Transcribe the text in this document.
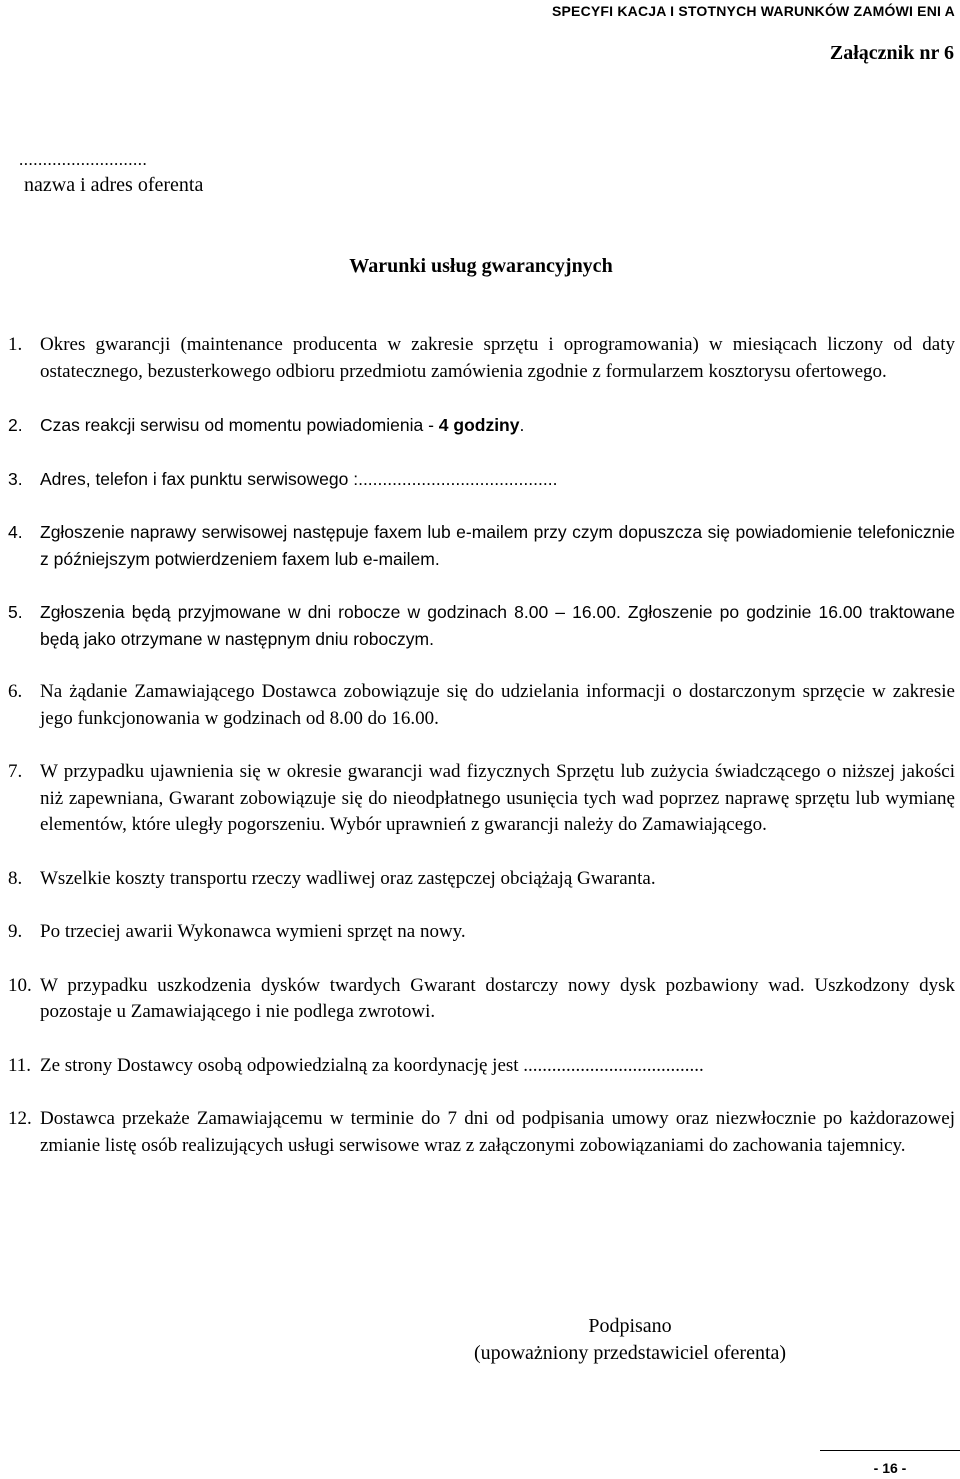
SPECYFI KACJA I STOTNYCH WARUNKÓW ZAMÓWI ENI A
Załącznik nr 6
...........................
nazwa i adres oferenta
Warunki usług gwarancyjnych
1. Okres gwarancji (maintenance producenta w zakresie sprzętu i oprogramowania) w miesiącach liczony od daty ostatecznego, bezusterkowego odbioru przedmiotu zamówienia zgodnie z formularzem kosztorysu ofertowego.
2. Czas reakcji serwisu od momentu powiadomienia - 4 godziny.
3. Adres, telefon i fax punktu serwisowego :.........................................
4. Zgłoszenie naprawy serwisowej następuje faxem lub e-mailem przy czym dopuszcza się powiadomienie telefonicznie z późniejszym potwierdzeniem faxem lub e-mailem.
5. Zgłoszenia będą przyjmowane w dni robocze w godzinach 8.00 – 16.00. Zgłoszenie po godzinie 16.00 traktowane będą jako otrzymane w następnym dniu roboczym.
6. Na żądanie Zamawiającego Dostawca zobowiązuje się do udzielania informacji o dostarczonym sprzęcie w zakresie jego funkcjonowania w godzinach od 8.00 do 16.00.
7. W przypadku ujawnienia się w okresie gwarancji wad fizycznych Sprzętu lub zużycia świadczącego o niższej jakości niż zapewniana, Gwarant zobowiązuje się do nieodpłatnego usunięcia tych wad poprzez naprawę sprzętu lub wymianę elementów, które uległy pogorszeniu. Wybór uprawnień z gwarancji należy do Zamawiającego.
8. Wszelkie koszty transportu rzeczy wadliwej oraz zastępczej obciążają Gwaranta.
9. Po trzeciej awarii Wykonawca wymieni sprzęt na nowy.
10. W przypadku uszkodzenia dysków twardych Gwarant dostarczy nowy dysk pozbawiony wad. Uszkodzony dysk pozostaje u Zamawiającego i nie podlega zwrotowi.
11. Ze strony Dostawcy osobą odpowiedzialną za koordynację jest ......................................
12. Dostawca przekaże Zamawiającemu w terminie do 7 dni od podpisania umowy oraz niezwłocznie po każdorazowej zmianie listę osób realizujących usługi serwisowe wraz z załączonymi zobowiązaniami do zachowania tajemnicy.
Podpisano
(upoważniony przedstawiciel oferenta)
- 16 -
